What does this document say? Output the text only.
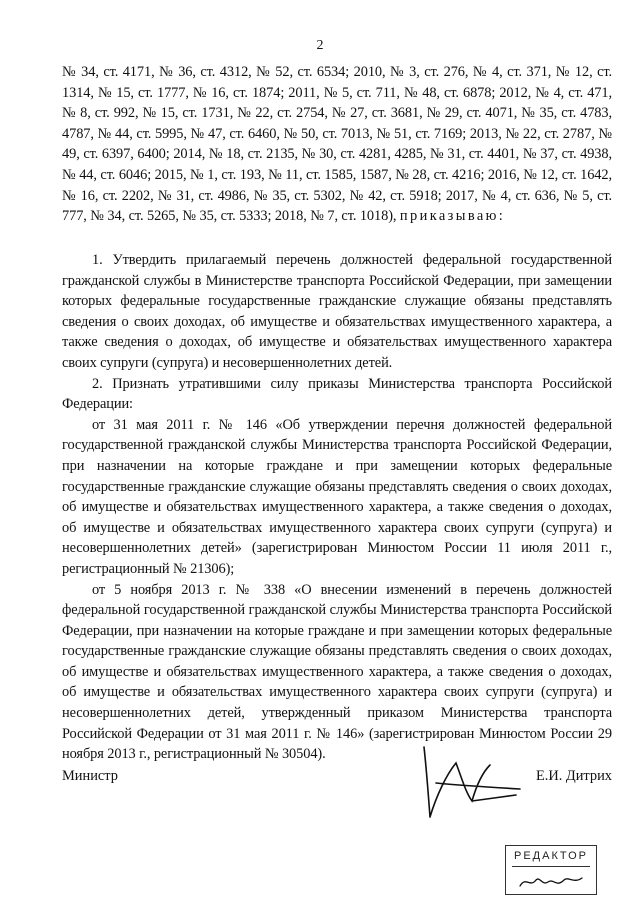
2
№ 34, ст. 4171, № 36, ст. 4312, № 52, ст. 6534; 2010, № 3, ст. 276, № 4, ст. 371, № 12, ст. 1314, № 15, ст. 1777, № 16, ст. 1874; 2011, № 5, ст. 711, № 48, ст. 6878; 2012, № 4, ст. 471, № 8, ст. 992, № 15, ст. 1731, № 22, ст. 2754, № 27, ст. 3681, № 29, ст. 4071, № 35, ст. 4783, 4787, № 44, ст. 5995, № 47, ст. 6460, № 50, ст. 7013, № 51, ст. 7169; 2013, № 22, ст. 2787, № 49, ст. 6397, 6400; 2014, № 18, ст. 2135, № 30, ст. 4281, 4285, № 31, ст. 4401, № 37, ст. 4938, № 44, ст. 6046; 2015, № 1, ст. 193, № 11, ст. 1585, 1587, № 28, ст. 4216; 2016, № 12, ст. 1642, № 16, ст. 2202, № 31, ст. 4986, № 35, ст. 5302, № 42, ст. 5918; 2017, № 4, ст. 636, № 5, ст. 777, № 34, ст. 5265, № 35, ст. 5333; 2018, № 7, ст. 1018), приказываю:

1. Утвердить прилагаемый перечень должностей федеральной государственной гражданской службы в Министерстве транспорта Российской Федерации, при замещении которых федеральные государственные гражданские служащие обязаны представлять сведения о своих доходах, об имуществе и обязательствах имущественного характера, а также сведения о доходах, об имуществе и обязательствах имущественного характера своих супруги (супруга) и несовершеннолетних детей.

2. Признать утратившими силу приказы Министерства транспорта Российской Федерации:

от 31 мая 2011 г. № 146 «Об утверждении перечня должностей федеральной государственной гражданской службы Министерства транспорта Российской Федерации, при назначении на которые граждане и при замещении которых федеральные государственные гражданские служащие обязаны представлять сведения о своих доходах, об имуществе и обязательствах имущественного характера, а также сведения о доходах, об имуществе и обязательствах имущественного характера своих супруги (супруга) и несовершеннолетних детей» (зарегистрирован Минюстом России 11 июля 2011 г., регистрационный № 21306);

от 5 ноября 2013 г. № 338 «О внесении изменений в перечень должностей федеральной государственной гражданской службы Министерства транспорта Российской Федерации, при назначении на которые граждане и при замещении которых федеральные государственные гражданские служащие обязаны представлять сведения о своих доходах, об имуществе и обязательствах имущественного характера, а также сведения о доходах, об имуществе и обязательствах имущественного характера своих супруги (супруга) и несовершеннолетних детей, утвержденный приказом Министерства транспорта Российской Федерации от 31 мая 2011 г. № 146» (зарегистрирован Минюстом России 29 ноября 2013 г., регистрационный № 30504).

Министр	Е.И. Дитрих
РЕДАКТОР
